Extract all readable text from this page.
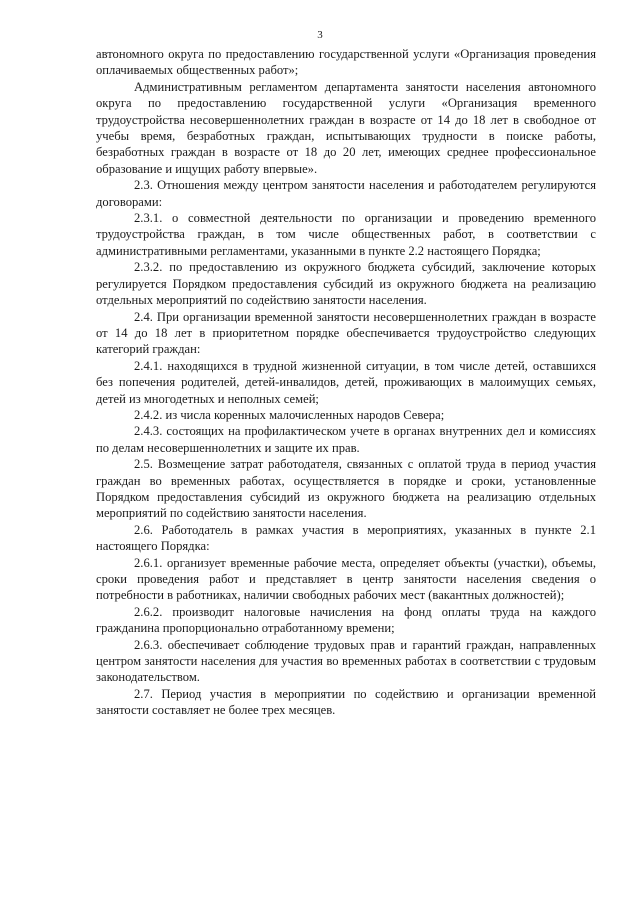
3

автономного округа по предоставлению государственной услуги «Организация проведения оплачиваемых общественных работ»;

Административным регламентом департамента занятости населения автономного округа по предоставлению государственной услуги «Организация временного трудоустройства несовершеннолетних граждан в возрасте от 14 до 18 лет в свободное от учебы время, безработных граждан, испытывающих трудности в поиске работы, безработных граждан в возрасте от 18 до 20 лет, имеющих среднее профессиональное образование и ищущих работу впервые».

2.3. Отношения между центром занятости населения и работодателем регулируются договорами:

2.3.1. о совместной деятельности по организации и проведению временного трудоустройства граждан, в том числе общественных работ, в соответствии с административными регламентами, указанными в пункте 2.2 настоящего Порядка;

2.3.2. по предоставлению из окружного бюджета субсидий, заключение которых регулируется Порядком предоставления субсидий из окружного бюджета на реализацию отдельных мероприятий по содействию занятости населения.

2.4. При организации временной занятости несовершеннолетних граждан в возрасте от 14 до 18 лет в приоритетном порядке обеспечивается трудоустройство следующих категорий граждан:

2.4.1. находящихся в трудной жизненной ситуации, в том числе детей, оставшихся без попечения родителей, детей-инвалидов, детей, проживающих в малоимущих семьях, детей из многодетных и неполных семей;

2.4.2. из числа коренных малочисленных народов Севера;

2.4.3. состоящих на профилактическом учете в органах внутренних дел и комиссиях по делам несовершеннолетних и защите их прав.

2.5. Возмещение затрат работодателя, связанных с оплатой труда в период участия граждан во временных работах, осуществляется в порядке и сроки, установленные Порядком предоставления субсидий из окружного бюджета на реализацию отдельных мероприятий по содействию занятости населения.

2.6. Работодатель в рамках участия в мероприятиях, указанных в пункте 2.1 настоящего Порядка:

2.6.1. организует временные рабочие места, определяет объекты (участки), объемы, сроки проведения работ и представляет в центр занятости населения сведения о потребности в работниках, наличии свободных рабочих мест (вакантных должностей);

2.6.2. производит налоговые начисления на фонд оплаты труда на каждого гражданина пропорционально отработанному времени;

2.6.3. обеспечивает соблюдение трудовых прав и гарантий граждан, направленных центром занятости населения для участия во временных работах в соответствии с трудовым законодательством.

2.7. Период участия в мероприятии по содействию и организации временной занятости составляет не более трех месяцев.
